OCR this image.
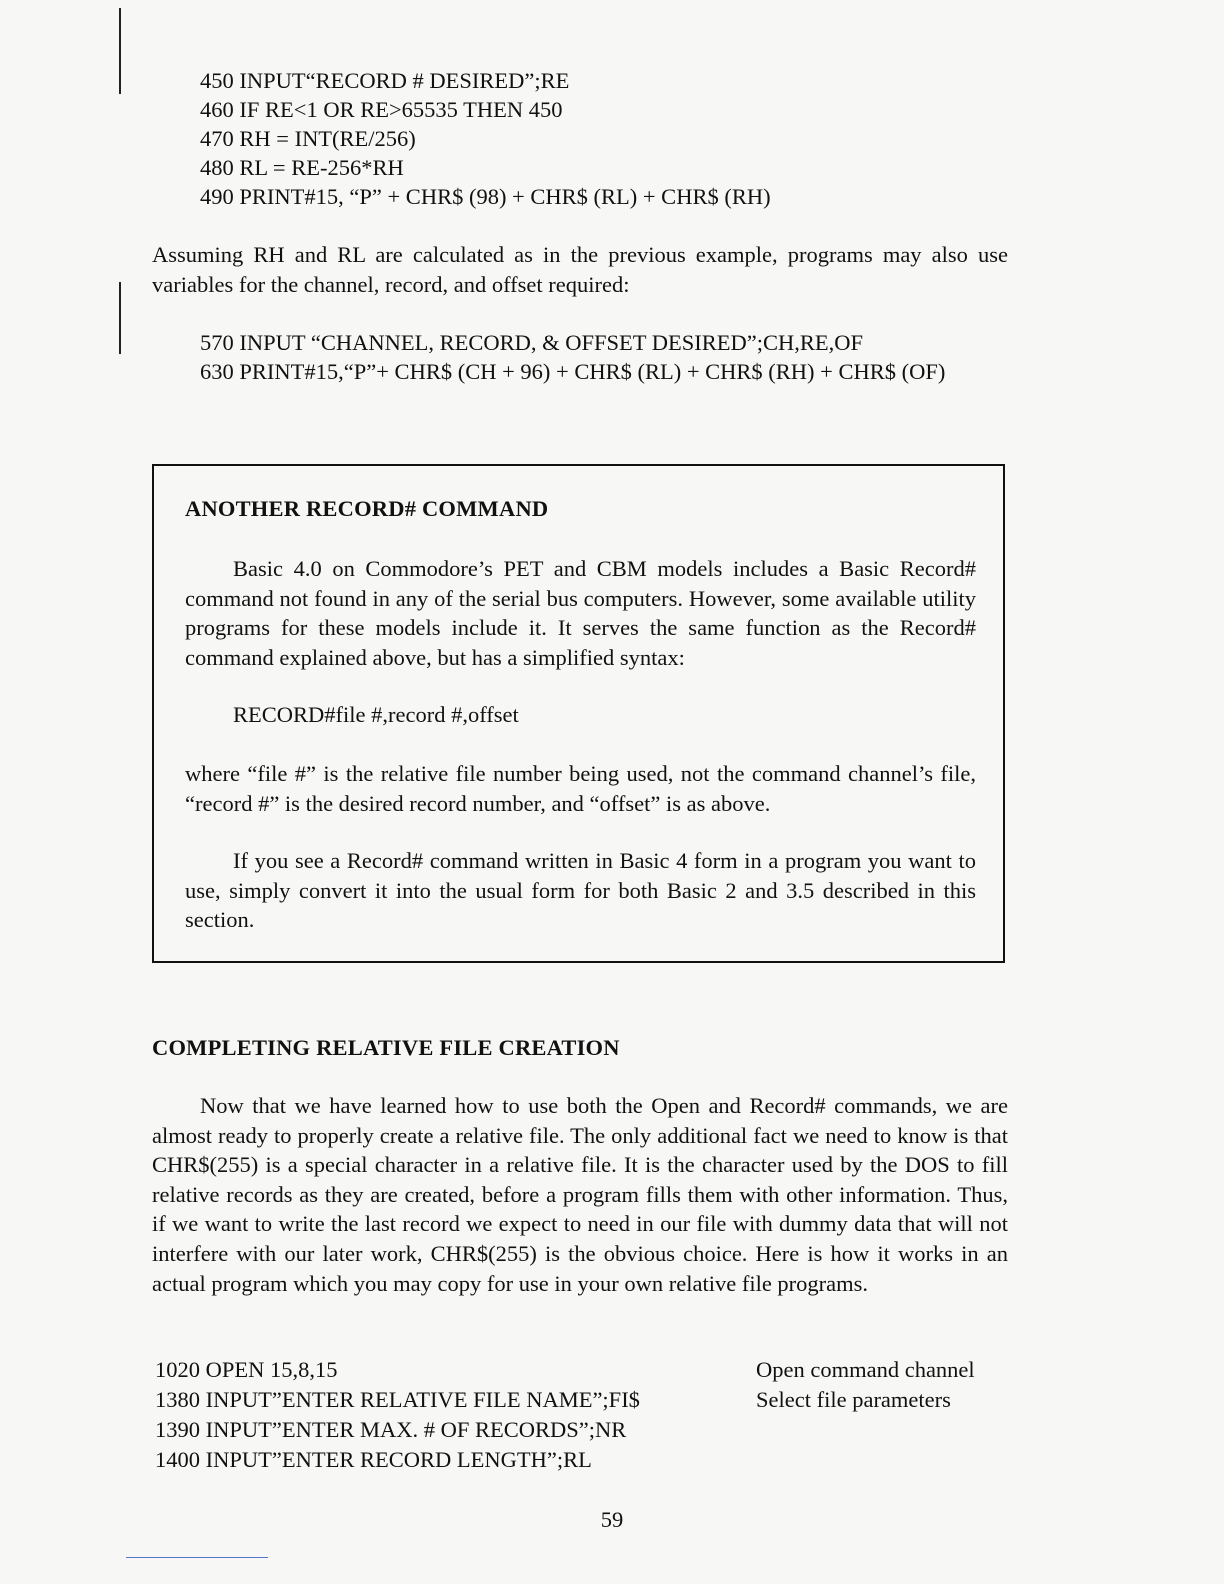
450 INPUT“RECORD # DESIRED”;RE
460 IF RE<1 OR RE>65535 THEN 450
470 RH = INT(RE/256)
480 RL = RE-256*RH
490 PRINT#15, “P” + CHR$ (98) + CHR$ (RL) + CHR$ (RH)

Assuming RH and RL are calculated as in the previous example, programs may also use variables for the channel, record, and offset required:

570 INPUT “CHANNEL, RECORD, & OFFSET DESIRED”;CH,RE,OF
630 PRINT#15,“P”+ CHR$ (CH + 96) + CHR$ (RL) + CHR$ (RH) + CHR$ (OF)
ANOTHER RECORD# COMMAND

Basic 4.0 on Commodore’s PET and CBM models includes a Basic Record# command not found in any of the serial bus computers. However, some available utility programs for these models include it. It serves the same function as the Record# command explained above, but has a simplified syntax:

RECORD#file #,record #,offset

where “file #” is the relative file number being used, not the command channel’s file, “record #” is the desired record number, and “offset” is as above.

If you see a Record# command written in Basic 4 form in a program you want to use, simply convert it into the usual form for both Basic 2 and 3.5 described in this section.

COMPLETING RELATIVE FILE CREATION

Now that we have learned how to use both the Open and Record# commands, we are almost ready to properly create a relative file. The only additional fact we need to know is that CHR$(255) is a special character in a relative file. It is the character used by the DOS to fill relative records as they are created, before a program fills them with other information. Thus, if we want to write the last record we expect to need in our file with dummy data that will not interfere with our later work, CHR$(255) is the obvious choice. Here is how it works in an actual program which you may copy for use in your own relative file programs.

1020 OPEN 15,8,15	Open command channel
1380 INPUT”ENTER RELATIVE FILE NAME”;FI$	Select file parameters
1390 INPUT”ENTER MAX. # OF RECORDS”;NR
1400 INPUT”ENTER RECORD LENGTH”;RL
59
